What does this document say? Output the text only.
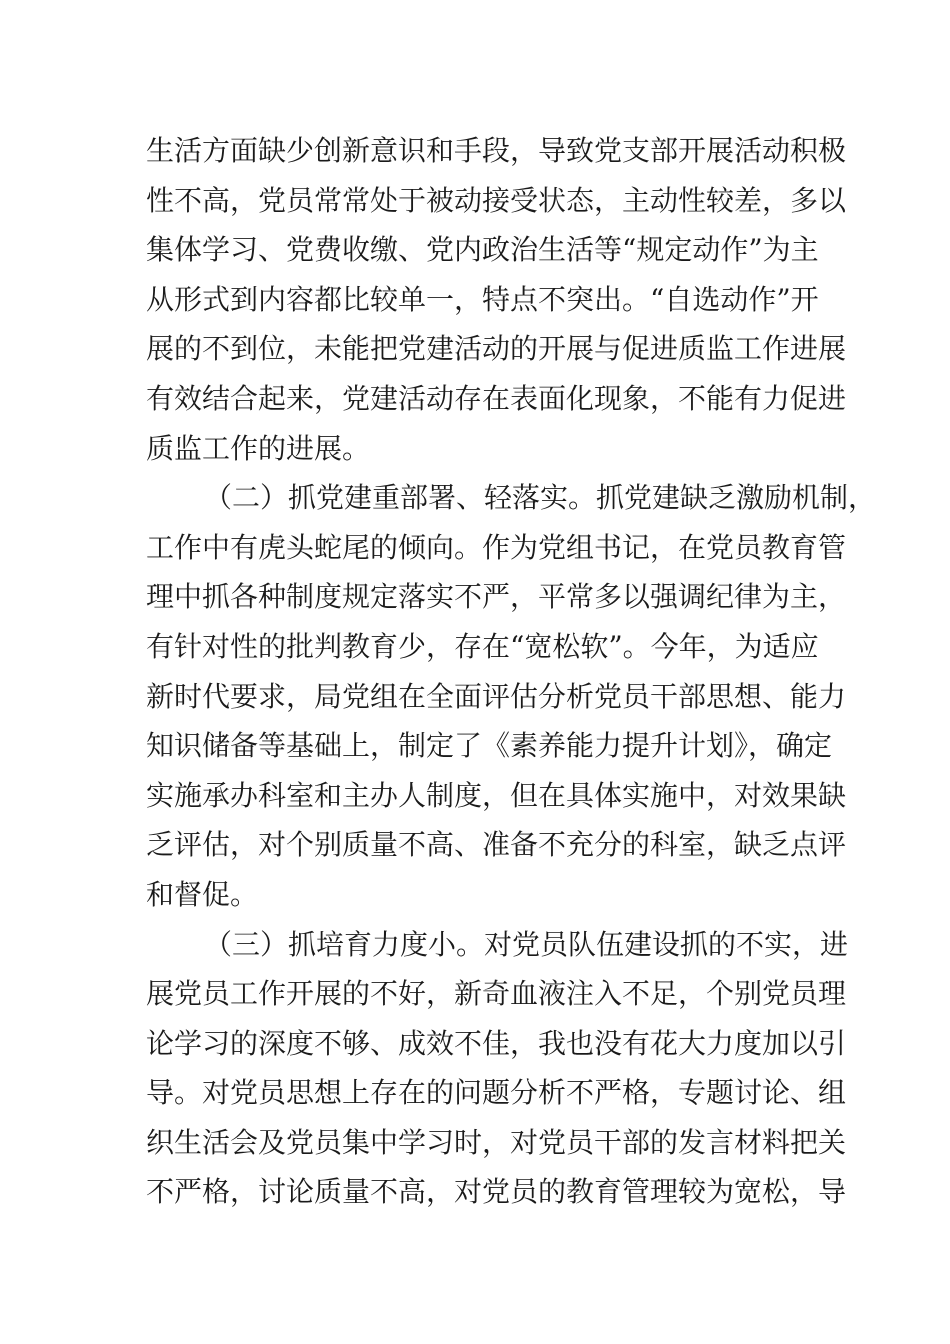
生活方面缺少创新意识和手段，导致党支部开展活动积极
性不高，党员常常处于被动接受状态，主动性较差，多以
集体学习、党费收缴、党内政治生活等“规定动作”为主
从形式到内容都比较单一，特点不突出。“自选动作”开
展的不到位，未能把党建活动的开展与促进质监工作进展
有效结合起来，党建活动存在表面化现象，不能有力促进
质监工作的进展。
（二）抓党建重部署、轻落实。抓党建缺乏激励机制，
工作中有虎头蛇尾的倾向。作为党组书记，在党员教育管
理中抓各种制度规定落实不严，平常多以强调纪律为主，
有针对性的批判教育少，存在“宽松软”。今年，为适应
新时代要求，局党组在全面评估分析党员干部思想、能力
知识储备等基础上，制定了《素养能力提升计划》，确定
实施承办科室和主办人制度，但在具体实施中，对效果缺
乏评估，对个别质量不高、准备不充分的科室，缺乏点评
和督促。
（三）抓培育力度小。对党员队伍建设抓的不实，进
展党员工作开展的不好，新奇血液注入不足，个别党员理
论学习的深度不够、成效不佳，我也没有花大力度加以引
导。对党员思想上存在的问题分析不严格，专题讨论、组
织生活会及党员集中学习时，对党员干部的发言材料把关
不严格，讨论质量不高，对党员的教育管理较为宽松，导
